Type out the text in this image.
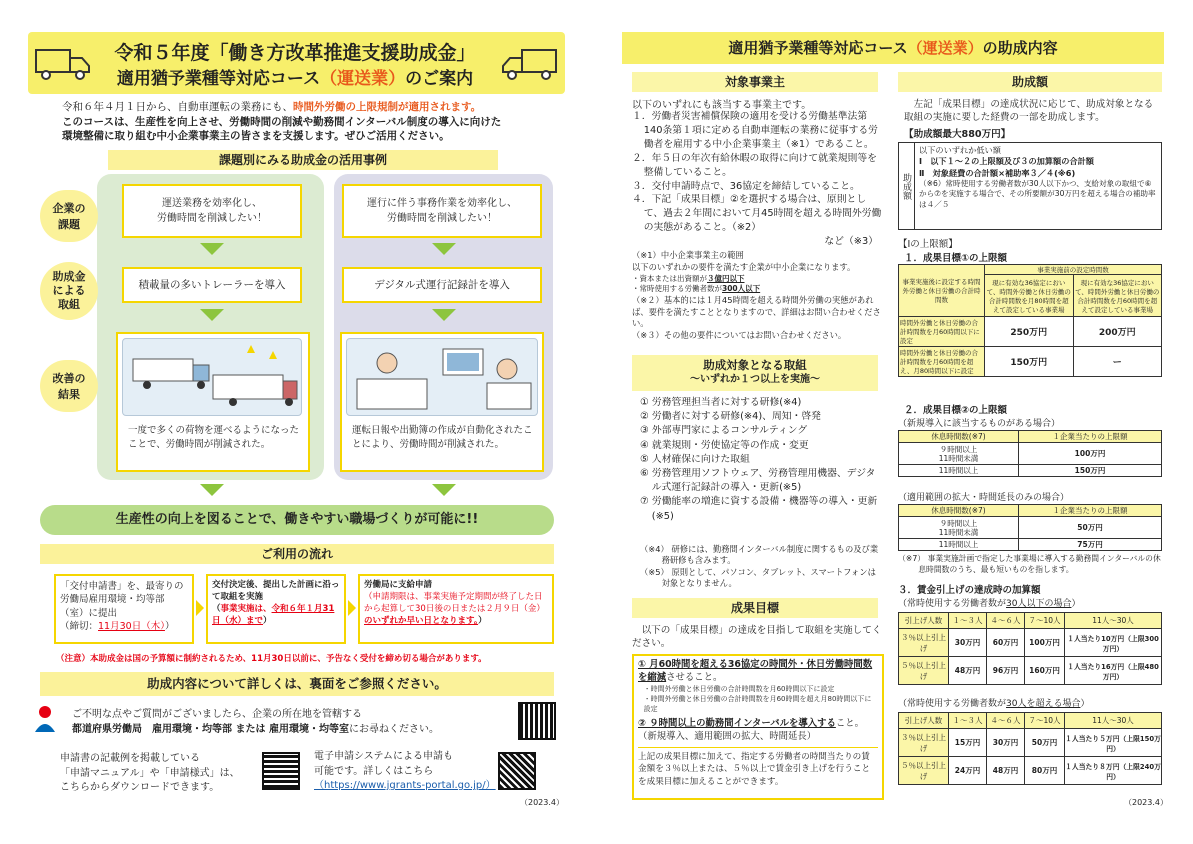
令和５年度「働き方改革推進支援助成金」
適用猶予業種等対応コース（運送業）のご案内
令和６年４月１日から、自動車運転の業務にも、時間外労働の上限規制が適用されます。
このコースは、生産性を向上させ、労働時間の削減や勤務間インターバル制度の導入に向けた
環境整備に取り組む中小企業事業主の皆さまを支援します。ぜひご活用ください。
課題別にみる助成金の活用事例
企業の
課題
助成金
による
取組
改善の
結果
運送業務を効率化し、
労働時間を削減したい！
運行に伴う事務作業を効率化し、
労働時間を削減したい！
積載量の多いトレーラーを導入	デジタル式運行記録計を導入
一度で多くの荷物を運べるようになったことで、労働時間が削減された。
運転日報や出勤簿の作成が自動化されたことにより、労働時間が削減された。
生産性の向上を図ることで、働きやすい職場づくりが可能に!!
ご利用の流れ
「交付申請書」を、最寄りの労働局雇用環境・均等部（室）に提出
（締切：11月30日（木））
交付決定後、提出した計画に沿って取組を実施
（事業実施は、令和６年１月31日（水）まで）
労働局に支給申請
（申請期限は、事業実施予定期間が終了した日から起算して30日後の日または２月９日（金）のいずれか早い日となります。）
（注意）本助成金は国の予算額に制約されるため、11月30日以前に、予告なく受付を締め切る場合があります。
助成内容について詳しくは、裏面をご参照ください。
ご不明な点やご質問がございましたら、企業の所在地を管轄する
都道府県労働局　雇用環境・均等部 または 雇用環境・均等室にお尋ねください。
申請書の記載例を掲載している
「申請マニュアル」や「申請様式」は、
こちらからダウンロードできます。
電子申請システムによる申請も
可能です。詳しくはこちら
（https://www.jgrants-portal.go.jp/）
（2023.4）
適用猶予業種等対応コース（運送業）の助成内容
対象事業主
以下のいずれにも該当する事業主です。
１．労働者災害補償保険の適用を受ける労働基準法第140条第１項に定める自動車運転の業務に従事する労働者を雇用する中小企業事業主（※1）であること。
２．年５日の年次有給休暇の取得に向けて就業規則等を整備していること。
３．交付申請時点で、36協定を締結していること。
４．下記「成果目標」②を選択する場合は、原則として、過去２年間において月45時間を超える時間外労働の実態があること。（※2）
など（※3）
（※1）中小企業事業主の範囲
以下のいずれかの要件を満たす企業が中小企業になります。
・資本または出資額が３億円以下
・常時使用する労働者数が300人以下
（※２）基本的には１月45時間を超える時間外労働の実態があれば、要件を満たすこととなりますので、詳細はお問い合わせください。
（※３）その他の要件についてはお問い合わせください。
助成対象となる取組
～いずれか１つ以上を実施～
① 労務管理担当者に対する研修(※4)
② 労働者に対する研修(※4)、周知・啓発
③ 外部専門家によるコンサルティング
④ 就業規則・労使協定等の作成・変更
⑤ 人材確保に向けた取組
⑥ 労務管理用ソフトウェア、労務管理用機器、デジタル式運行記録計の導入・更新(※5)
⑦ 労働能率の増進に資する設備・機器等の導入・更新(※5)
（※4） 研修には、勤務間インターバル制度に関するもの及び業務研修も含みます。
（※5） 原則として、パソコン、タブレット、スマートフォンは対象となりません。
成果目標
以下の「成果目標」の達成を目指して取組を実施してください。
① 月60時間を超える36協定の時間外・休日労働時間数を縮減させること。
・時間外労働と休日労働の合計時間数を月60時間以下に設定
・時間外労働と休日労働の合計時間数を月60時間を超え月80時間以下に設定
② ９時間以上の勤務間インターバルを導入すること。（新規導入、適用範囲の拡大、時間延長）
上記の成果目標に加えて、指定する労働者の時間当たりの賃金額を３％以上または、５％以上で賃金引き上げを行うことを成果目標に加えることができます。
助成額
左記「成果目標」の達成状況に応じて、助成対象となる取組の実施に要した経費の一部を助成します。
【助成額最大880万円】
助成額
以下のいずれか低い額
Ⅰ　以下１～２の上限額及び３の加算額の合計額
Ⅱ　対象経費の合計額×補助率３／４(※6)
（※6）常時使用する労働者数が30人以下かつ、支給対象の取組で⑥から⑦を実施する場合で、その所要額が30万円を超える場合の補助率は４／５
【Ⅰの上限額】
１．成果目標①の上限額
事業実施後に設定する時間外労働と休日労働の合計時間数	事業実施前の設定時間数	
	現に有効な36協定において、時間外労働と休日労働の合計時間数を月80時間を超えて設定している事業場	現に有効な36協定において、時間外労働と休日労働の合計時間数を月60時間を超えて設定している事業場
時間外労働と休日労働の合計時間数を月60時間以下に設定	250万円	200万円
時間外労働と休日労働の合計時間数を月60時間を超え、月80時間以下に設定	150万円	ー
２．成果目標②の上限額
（新規導入に該当するものがある場合）
休息時間数(※7)	１企業当たりの上限額

９時間以上
11時間未満	100万円
11時間以上	150万円
（適用範囲の拡大・時間延長のみの場合）
休息時間数(※7)	１企業当たりの上限額

９時間以上
11時間未満	50万円
11時間以上	75万円
（※7） 事業実施計画で指定した事業場に導入する勤務間インターバルの休息時間数のうち、最も短いものを指します。
３．賃金引上げの達成時の加算額
（常時使用する労働者数が30人以下の場合）
引上げ人数	１～３人	４～６人	７～10人	11人～30人
３％以上引上げ	30万円	60万円	100万円	１人当たり10万円（上限300万円）
５％以上引上げ	48万円	96万円	160万円	１人当たり16万円（上限480万円）
（常時使用する労働者数が30人を超える場合）
引上げ人数	１～３人	４～６人	７～10人	11人～30人
３％以上引上げ	15万円	30万円	50万円	１人当たり５万円（上限150万円）
５％以上引上げ	24万円	48万円	80万円	１人当たり８万円（上限240万円）
（2023.4）
